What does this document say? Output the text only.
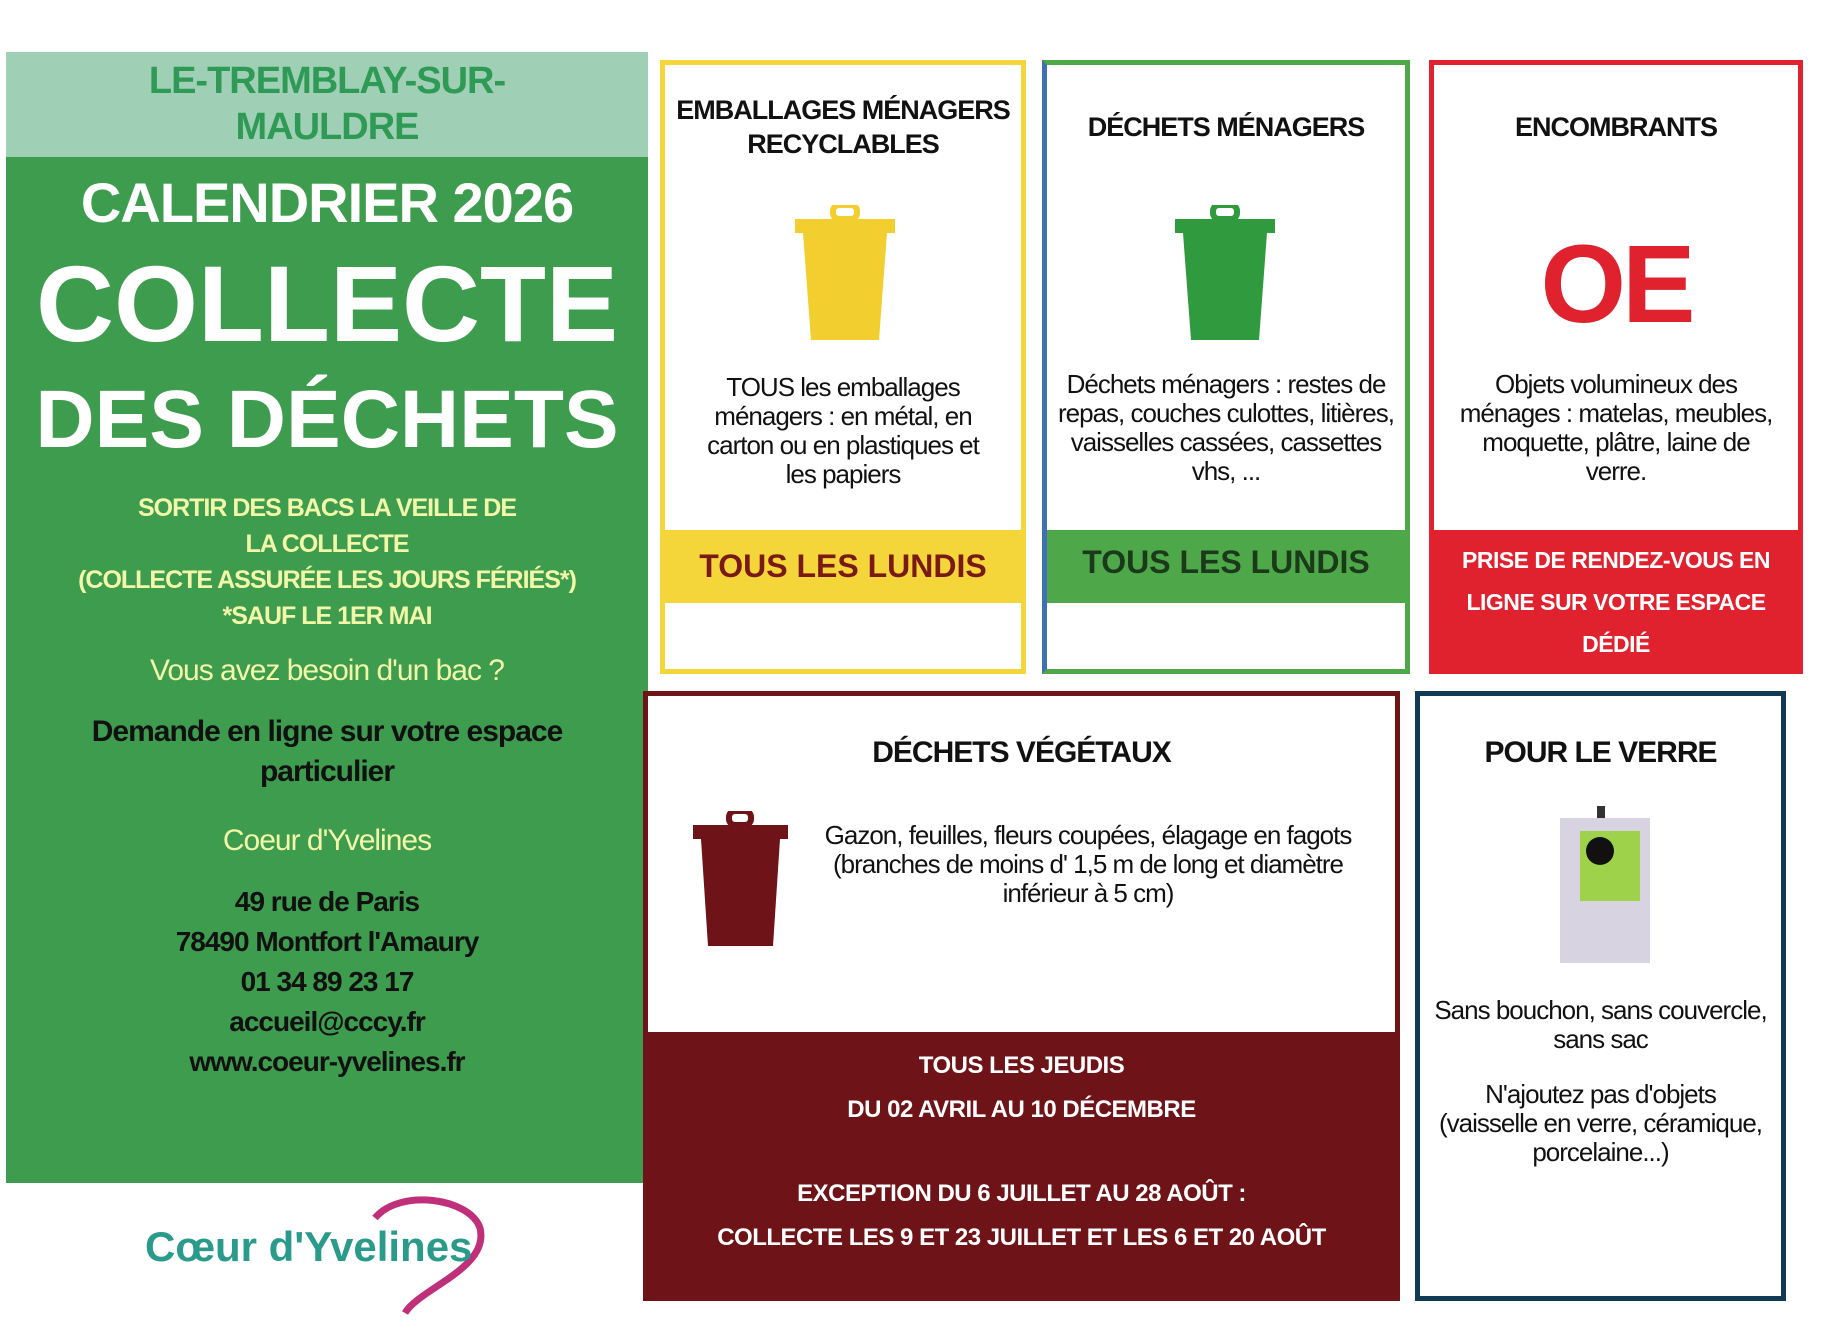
LE-TREMBLAY-SUR-MAULDRE
CALENDRIER 2026
COLLECTE
DES DÉCHETS
SORTIR DES BACS LA VEILLE DE
LA COLLECTE
(COLLECTE ASSURÉE LES JOURS FÉRIÉS*)
*SAUF LE 1ER MAI
Vous avez besoin d'un bac ?
Demande en ligne sur votre espace
particulier
Coeur d'Yvelines
49 rue de Paris
78490 Montfort l'Amaury
01 34 89 23 17
accueil@cccy.fr
www.coeur-yvelines.fr
Cœur d'Yvelines
EMBALLAGES MÉNAGERS
RECYCLABLES
TOUS les emballages ménagers : en métal, en carton ou en plastiques et les papiers
TOUS LES LUNDIS
DÉCHETS MÉNAGERS
Déchets ménagers : restes de repas, couches culottes, litières, vaisselles cassées, cassettes vhs, ...
TOUS LES LUNDIS
ENCOMBRANTS
OE
Objets volumineux des ménages : matelas, meubles, moquette, plâtre, laine de verre.
PRISE DE RENDEZ-VOUS EN
LIGNE SUR VOTRE ESPACE
DÉDIÉ
DÉCHETS VÉGÉTAUX
Gazon, feuilles, fleurs coupées, élagage en fagots (branches de moins d' 1,5 m de long et diamètre inférieur à 5 cm)
TOUS LES JEUDIS
DU 02 AVRIL AU 10 DÉCEMBRE
EXCEPTION DU 6 JUILLET AU 28 AOÛT :
COLLECTE LES 9 ET 23 JUILLET ET LES 6 ET 20 AOÛT
POUR LE VERRE
Sans bouchon, sans couvercle, sans sac
N'ajoutez pas d'objets (vaisselle en verre, céramique, porcelaine...)
